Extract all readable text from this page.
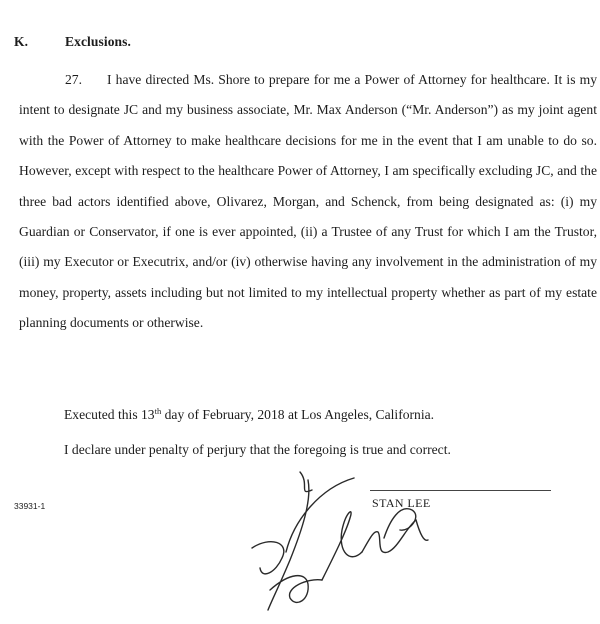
K.	Exclusions.

27. I have directed Ms. Shore to prepare for me a Power of Attorney for healthcare. It is my intent to designate JC and my business associate, Mr. Max Anderson (“Mr. Anderson”) as my joint agent with the Power of Attorney to make healthcare decisions for me in the event that I am unable to do so. However, except with respect to the healthcare Power of Attorney, I am specifically excluding JC, and the three bad actors identified above, Olivarez, Morgan, and Schenck, from being designated as: (i) my Guardian or Conservator, if one is ever appointed, (ii) a Trustee of any Trust for which I am the Trustor, (iii) my Executor or Executrix, and/or (iv) otherwise having any involvement in the administration of my money, property, assets including but not limited to my intellectual property whether as part of my estate planning documents or otherwise.

Executed this 13th day of February, 2018 at Los Angeles, California.
I declare under penalty of perjury that the foregoing is true and correct.
33931-1	STAN LEE
